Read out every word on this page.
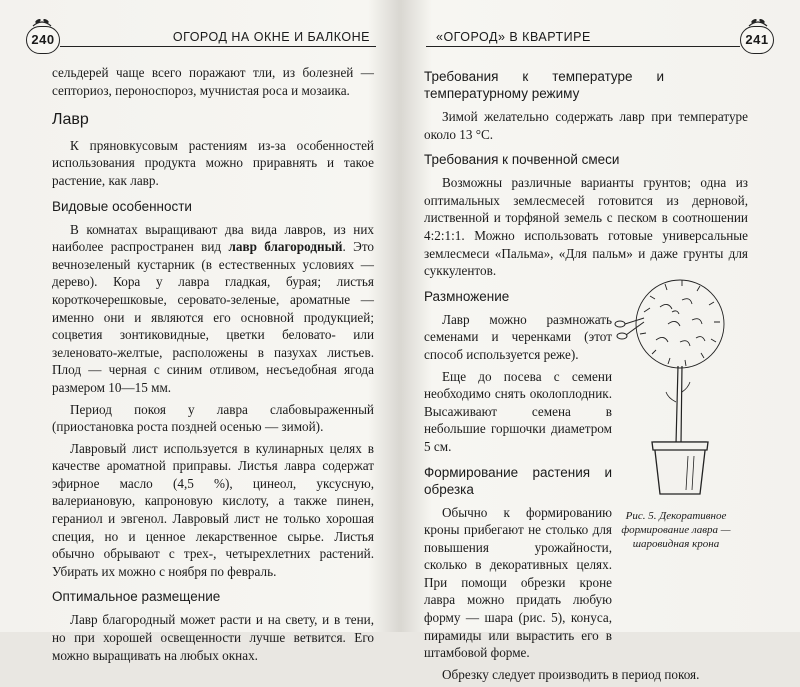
240	ОГОРОД НА ОКНЕ И БАЛКОНЕ

сельдерей чаще всего поражают тли, из болезней — септориоз, пероноспороз, мучнистая роса и мозаика.

Лавр

К пряновкусовым растениям из-за особенностей использования продукта можно приравнять и такое растение, как лавр.

Видовые особенности

В комнатах выращивают два вида лавров, из них наиболее распространен вид лавр благородный. Это вечнозеленый кустарник (в естественных условиях — дерево). Кора у лавра гладкая, бурая; листья короткочерешковые, серовато-зеленые, ароматные — именно они и являются его основной продукцией; соцветия зонтиковидные, цветки беловато- или зеленовато-желтые, расположены в пазухах листьев. Плод — черная с синим отливом, несъедобная ягода размером 10—15 мм.

Период покоя у лавра слабовыраженный (приостановка роста поздней осенью — зимой).

Лавровый лист используется в кулинарных целях в качестве ароматной приправы. Листья лавра содержат эфирное масло (4,5 %), цинеол, уксусную, валериановую, капроновую кислоту, а также пинен, гераниол и эвгенол. Лавровый лист не только хорошая специя, но и ценное лекарственное сырье. Листья обычно обрывают с трех-, четырехлетних растений. Убирать их можно с ноября по февраль.

Оптимальное размещение

Лавр благородный может расти и на свету, и в тени, но при хорошей освещенности лучше ветвится. Его можно выращивать на любых окнах.

«ОГОРОД» В КВАРТИРЕ	241
Требования к температуре и температурному режиму

Зимой желательно содержать лавр при температуре около 13 °С.

Требования к почвенной смеси

Возможны различные варианты грунтов; одна из оптимальных землесмесей готовится из дерновой, лиственной и торфяной земель с песком в соотношении 4:2:1:1. Можно использовать готовые универсальные землесмеси «Пальма», «Для пальм» и даже грунты для суккулентов.

Размножение

Лавр можно размножать семенами и черенками (этот способ используется реже).

Еще до посева с семени необходимо снять околоплодник. Высаживают семена в небольшие горшочки диаметром 5 см.

Формирование растения и обрезка

Обычно к формированию кроны прибегают не столько для повышения урожайности, сколько в декоративных целях. При помощи обрезки кроне лавра можно придать любую форму — шара (рис. 5), конуса, пирамиды или вырастить его в штамбовой форме.

Обрезку следует производить в период покоя.

Рис. 5. Декоративное формирование лавра — шаровидная крона
